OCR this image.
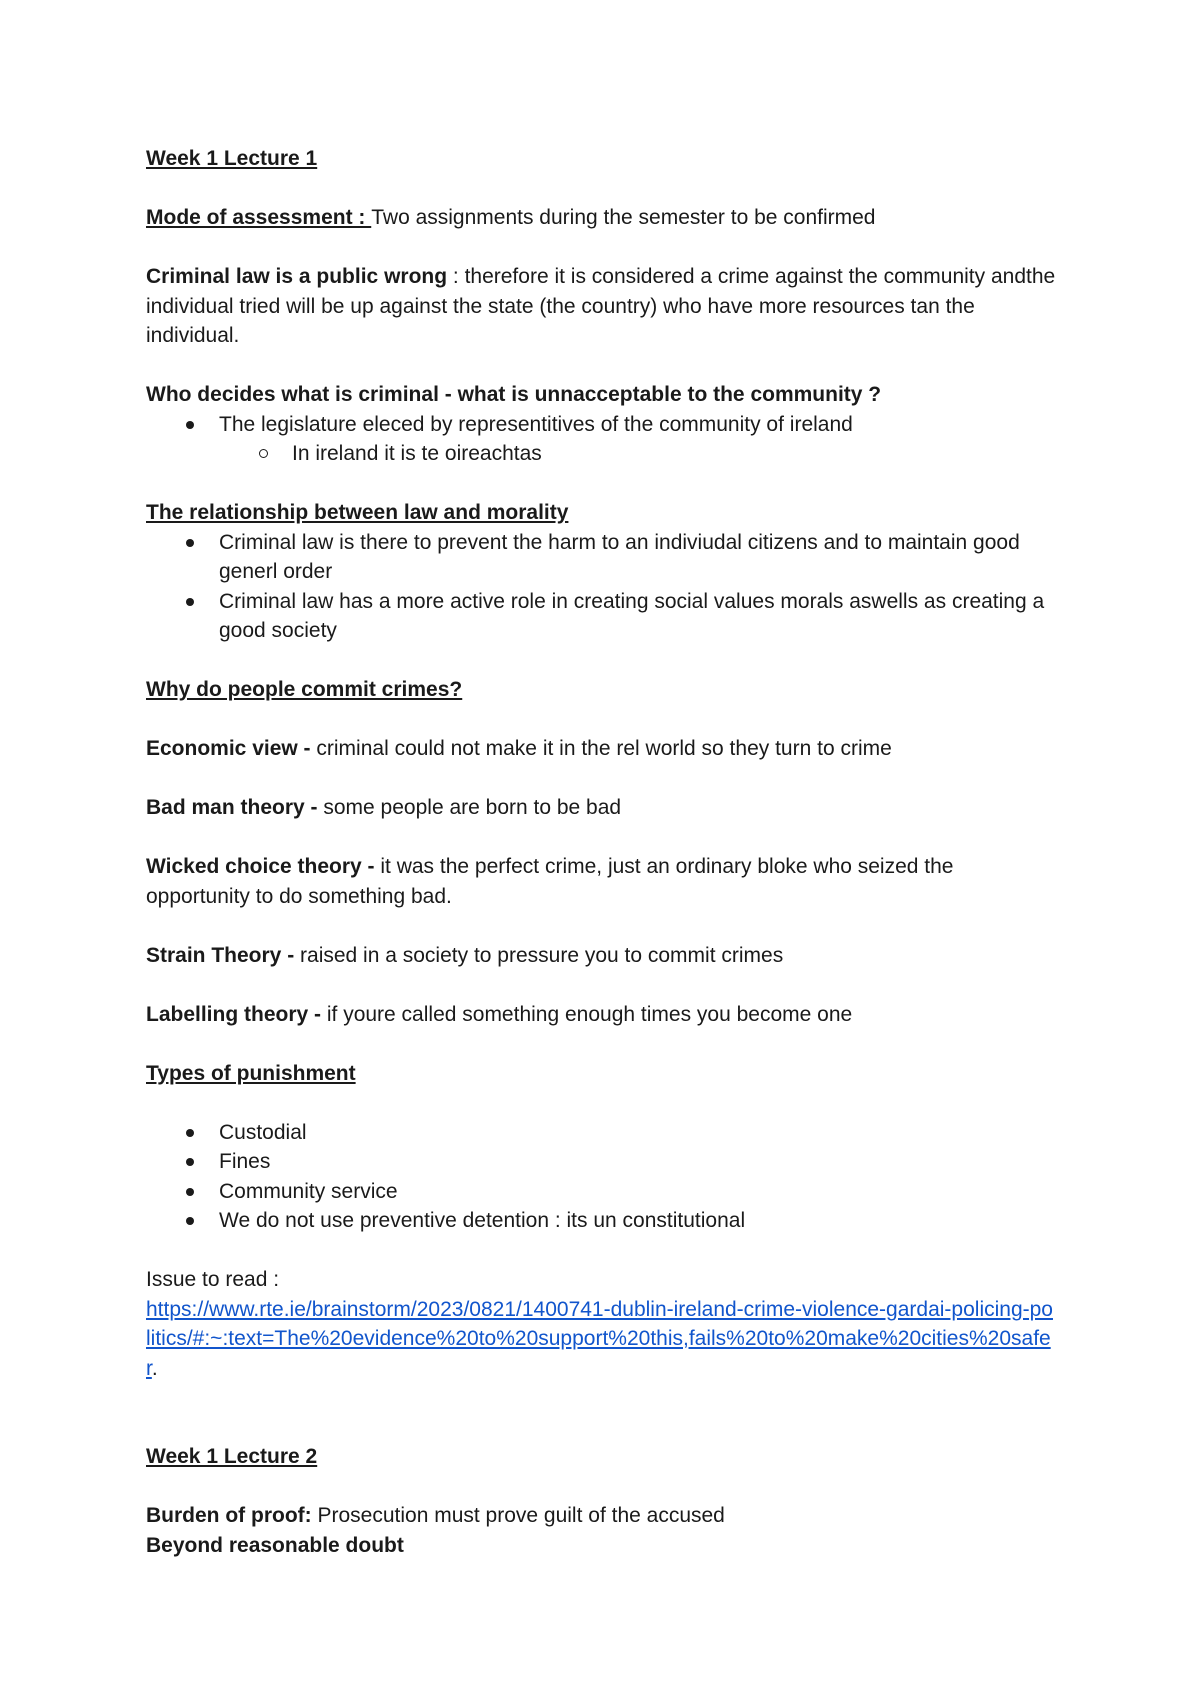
Week 1 Lecture 1

Mode of assessment : Two assignments during the semester to be confirmed

Criminal law is a public wrong : therefore it is considered a crime against the community andthe individual tried will be up against the state (the country) who have more resources tan the individual.

Who decides what is criminal - what is unnacceptable to the community ?

The legislature eleced by representitives of the community of ireland
In ireland it is te oireachtas

The relationship between law and morality

Criminal law is there to prevent the harm to an indiviudal citizens and to maintain good generl order
Criminal law has a more active role in creating social values morals aswells as creating a good society

Why do people commit crimes?

Economic view - criminal could not make it in the rel world so they turn to crime

Bad man theory - some people are born to be bad

Wicked choice theory - it was the perfect crime, just an ordinary bloke who seized the opportunity to do something bad.

Strain Theory - raised in a society to pressure you to commit crimes

Labelling theory - if youre called something enough times you become one

Types of punishment

Custodial
Fines
Community service
We do not use preventive detention : its un constitutional

Issue to read :

https://www.rte.ie/brainstorm/2023/0821/1400741-dublin-ireland-crime-violence-gardai-policing-politics/#:~:text=The%20evidence%20to%20support%20this,fails%20to%20make%20cities%20safer.

Week 1 Lecture 2

Burden of proof: Prosecution must prove guilt of the accused

Beyond reasonable doubt
